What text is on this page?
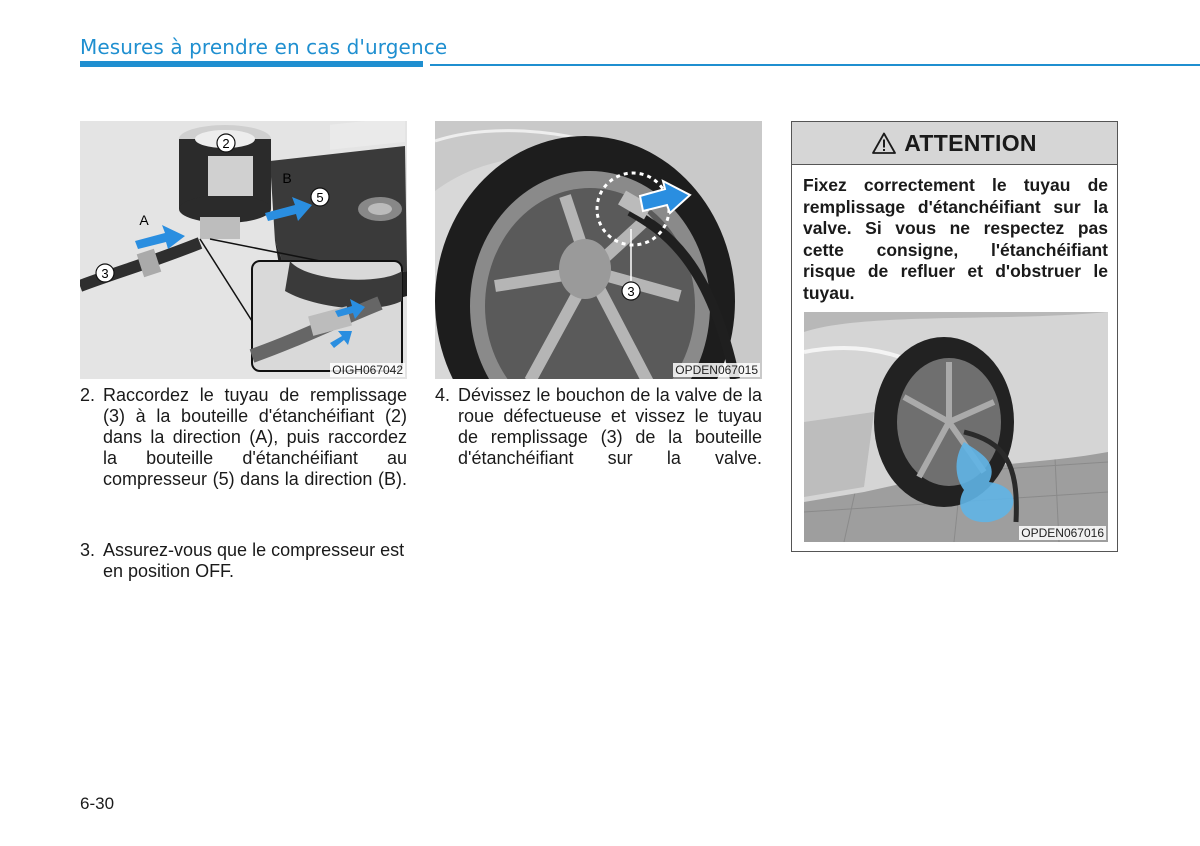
Mesures à prendre en cas d'urgence
2
5
3
A
B
OIGH067042
3
OPDEN067015
2. Raccordez le tuyau de remplissage (3) à la bouteille d'étanchéifiant (2) dans la direction (A), puis raccordez la bouteille d'étanchéifiant au compresseur (5) dans la direction (B).
3. Assurez-vous que le compresseur est en position OFF.
4. Dévissez le bouchon de la valve de la roue défectueuse et vissez le tuyau de remplissage (3) de la bouteille d'étanchéifiant sur la valve.
ATTENTION
Fixez correctement le tuyau de remplissage d'étanchéifiant sur la valve. Si vous ne respectez pas cette consigne, l'étanchéifiant risque de refluer et d'obstruer le tuyau.
OPDEN067016
6-30
